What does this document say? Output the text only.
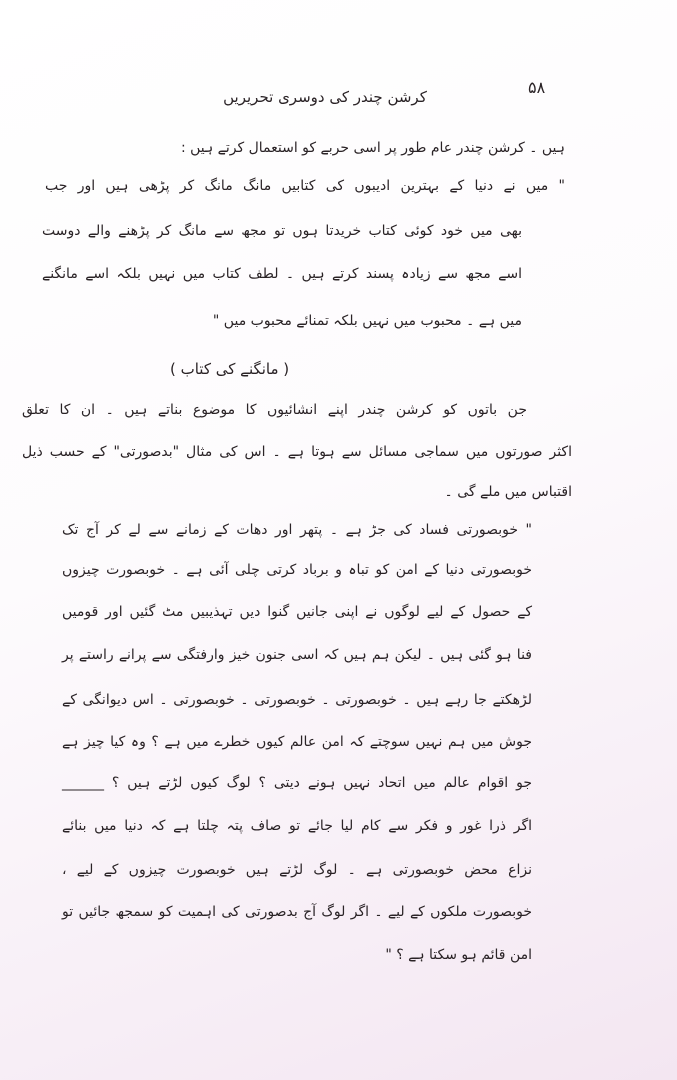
۵۸
کرشن چندر کی دوسری تحریریں
ہیں ۔ کرشن چندر عام طور پر اسی حربے کو استعمال کرتے ہیں :
" میں نے دنیا کے بہترین ادیبوں کی کتابیں مانگ مانگ کر پڑھی ہیں اور جب
بھی میں خود کوئی کتاب خریدتا ہوں تو مجھ سے مانگ کر پڑھنے والے دوست
اسے مجھ سے زیادہ پسند کرتے ہیں ۔ لطف کتاب میں نہیں بلکہ اسے مانگنے
میں ہے ۔ محبوب میں نہیں بلکہ تمنائے محبوب میں "
( مانگنے کی کتاب )
جن باتوں کو کرشن چندر اپنے انشائیوں کا موضوع بناتے ہیں ۔ ان کا تعلق
اکثر صورتوں میں سماجی مسائل سے ہوتا ہے ۔ اس کی مثال "بدصورتی" کے حسب ذیل
اقتباس میں ملے گی ۔
" خوبصورتی فساد کی جڑ ہے ۔ پتھر اور دھات کے زمانے سے لے کر آج تک
خوبصورتی دنیا کے امن کو تباہ و برباد کرتی چلی آئی ہے ۔ خوبصورت چیزوں
کے حصول کے لیے لوگوں نے اپنی جانیں گنوا دیں تہذیبیں مٹ گئیں اور قومیں
فنا ہو گئی ہیں ۔ لیکن ہم ہیں کہ اسی جنون خیز وارفتگی سے پرانے راستے پر
لڑھکتے جا رہے ہیں ۔ خوبصورتی ۔ خوبصورتی ۔ خوبصورتی ۔ اس دیوانگی کے
جوش میں ہم نہیں سوچتے کہ امن عالم کیوں خطرے میں ہے ؟ وہ کیا چیز ہے
جو اقوام عالم میں اتحاد نہیں ہونے دیتی ؟ لوگ کیوں لڑتے ہیں ؟ ______
اگر ذرا غور و فکر سے کام لیا جائے تو صاف پتہ چلتا ہے کہ دنیا میں بنائے
نزاع محض خوبصورتی ہے ۔ لوگ لڑتے ہیں خوبصورت چیزوں کے لیے ،
خوبصورت ملکوں کے لیے ۔ اگر لوگ آج بدصورتی کی اہمیت کو سمجھ جائیں تو
امن قائم ہو سکتا ہے ؟ "
